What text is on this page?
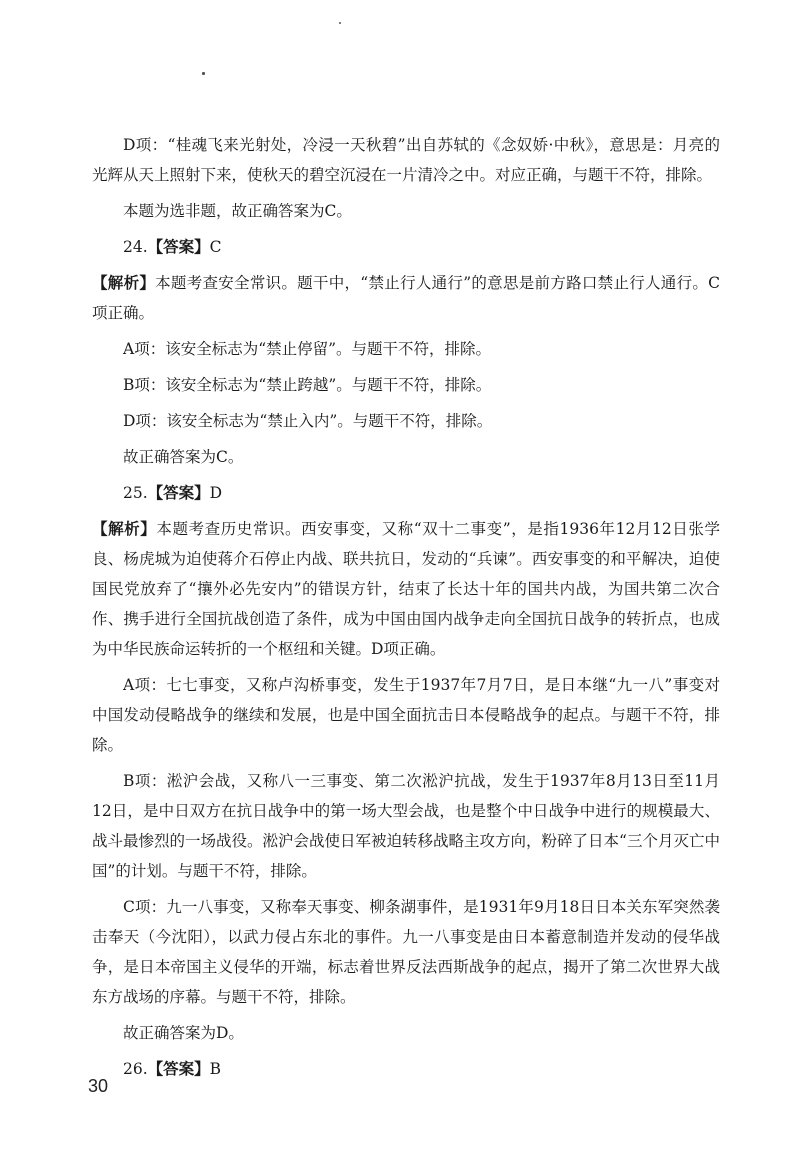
D项：“桂魂飞来光射处，冷浸一天秋碧”出自苏轼的《念奴娇·中秋》，意思是：月亮的光辉从天上照射下来，使秋天的碧空沉浸在一片清冷之中。对应正确，与题干不符，排除。

本题为选非题，故正确答案为C。

24.【答案】C

【解析】本题考查安全常识。题干中，“禁止行人通行”的意思是前方路口禁止行人通行。C项正确。

A项：该安全标志为“禁止停留”。与题干不符，排除。

B项：该安全标志为“禁止跨越”。与题干不符，排除。

D项：该安全标志为“禁止入内”。与题干不符，排除。

故正确答案为C。

25.【答案】D

【解析】本题考查历史常识。西安事变，又称“双十二事变”，是指1936年12月12日张学良、杨虎城为迫使蒋介石停止内战、联共抗日，发动的“兵谏”。西安事变的和平解决，迫使国民党放弃了“攘外必先安内”的错误方针，结束了长达十年的国共内战，为国共第二次合作、携手进行全国抗战创造了条件，成为中国由国内战争走向全国抗日战争的转折点，也成为中华民族命运转折的一个枢纽和关键。D项正确。

A项：七七事变，又称卢沟桥事变，发生于1937年7月7日，是日本继“九一八”事变对中国发动侵略战争的继续和发展，也是中国全面抗击日本侵略战争的起点。与题干不符，排除。

B项：淞沪会战，又称八一三事变、第二次淞沪抗战，发生于1937年8月13日至11月12日，是中日双方在抗日战争中的第一场大型会战，也是整个中日战争中进行的规模最大、战斗最惨烈的一场战役。淞沪会战使日军被迫转移战略主攻方向，粉碎了日本“三个月灭亡中国”的计划。与题干不符，排除。

C项：九一八事变，又称奉天事变、柳条湖事件，是1931年9月18日日本关东军突然袭击奉天（今沈阳），以武力侵占东北的事件。九一八事变是由日本蓄意制造并发动的侵华战争，是日本帝国主义侵华的开端，标志着世界反法西斯战争的起点，揭开了第二次世界大战东方战场的序幕。与题干不符，排除。

故正确答案为D。

26.【答案】B

30
